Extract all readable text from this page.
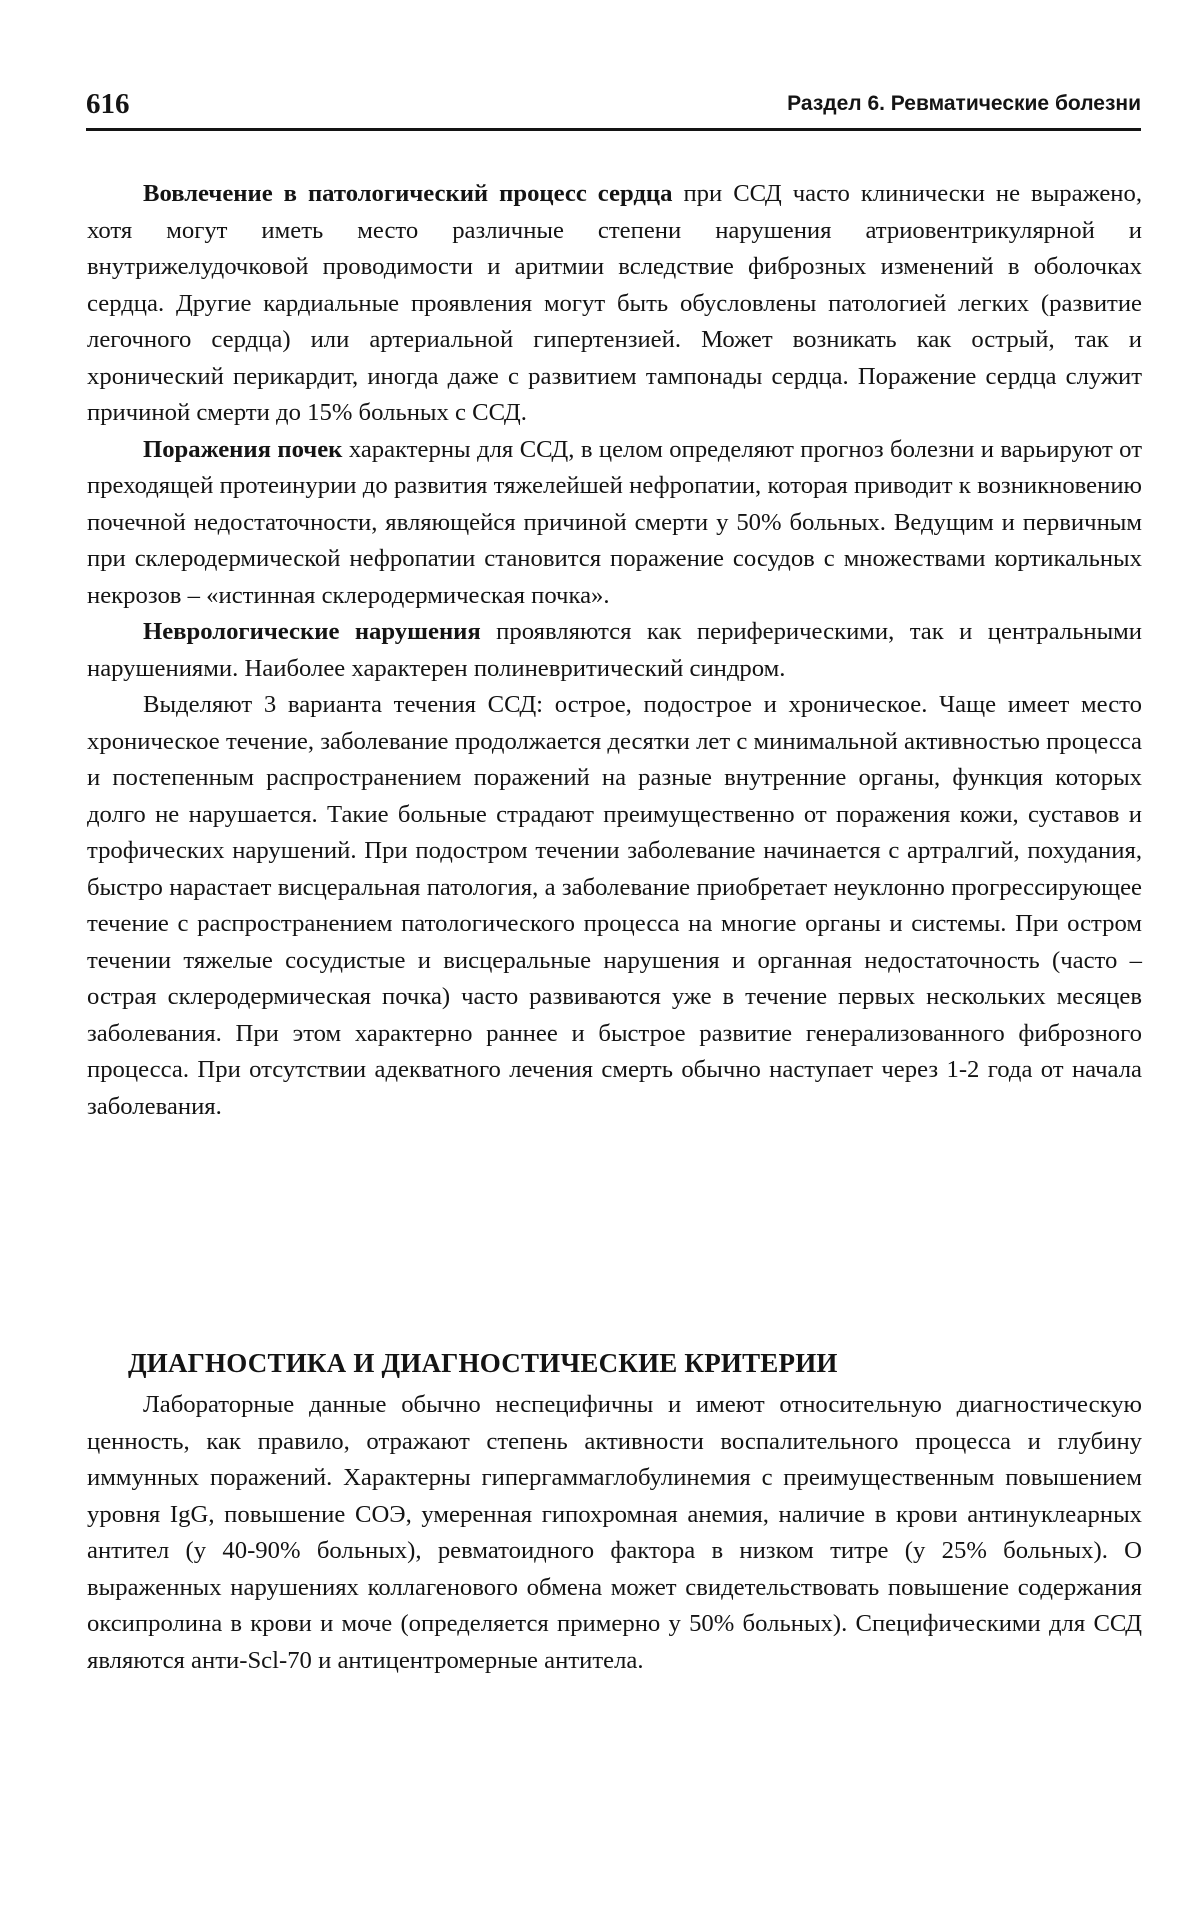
616	Раздел 6. Ревматические болезни

Вовлечение в патологический процесс сердца при ССД часто клинически не выражено, хотя могут иметь место различные степени нарушения атриовентрикулярной и внутрижелудочковой проводимости и аритмии вследствие фиброзных изменений в оболочках сердца. Другие кардиальные проявления могут быть обусловлены патологией легких (развитие легочного сердца) или артериальной гипертензией. Может возникать как острый, так и хронический перикардит, иногда даже с развитием тампонады сердца. Поражение сердца служит причиной смерти до 15% больных с ССД.

Поражения почек характерны для ССД, в целом определяют прогноз болезни и варьируют от преходящей протеинурии до развития тяжелейшей нефропатии, которая приводит к возникновению почечной недостаточности, являющейся причиной смерти у 50% больных. Ведущим и первичным при склеродермической нефропатии становится поражение сосудов с множествами кортикальных некрозов – «истинная склеродермическая почка».

Неврологические нарушения проявляются как периферическими, так и центральными нарушениями. Наиболее характерен полиневритический синдром.

Выделяют 3 варианта течения ССД: острое, подострое и хроническое. Чаще имеет место хроническое течение, заболевание продолжается десятки лет с минимальной активностью процесса и постепенным распространением поражений на разные внутренние органы, функция которых долго не нарушается. Такие больные страдают преимущественно от поражения кожи, суставов и трофических нарушений. При подостром течении заболевание начинается с артралгий, похудания, быстро нарастает висцеральная патология, а заболевание приобретает неуклонно прогрессирующее течение с распространением патологического процесса на многие органы и системы. При остром течении тяжелые сосудистые и висцеральные нарушения и органная недостаточность (часто – острая склеродермическая почка) часто развиваются уже в течение первых нескольких месяцев заболевания. При этом характерно раннее и быстрое развитие генерализованного фиброзного процесса. При отсутствии адекватного лечения смерть обычно наступает через 1-2 года от начала заболевания.

ДИАГНОСТИКА И ДИАГНОСТИЧЕСКИЕ КРИТЕРИИ

Лабораторные данные обычно неспецифичны и имеют относительную диагностическую ценность, как правило, отражают степень активности воспалительного процесса и глубину иммунных поражений. Характерны гипергаммаглобулинемия с преимущественным повышением уровня IgG, повышение СОЭ, умеренная гипохромная анемия, наличие в крови антинуклеарных антител (у 40-90% больных), ревматоидного фактора в низком титре (у 25% больных). О выраженных нарушениях коллагенового обмена может свидетельствовать повышение содержания оксипролина в крови и моче (определяется примерно у 50% больных). Специфическими для ССД являются анти-Scl-70 и антицентромерные антитела.
